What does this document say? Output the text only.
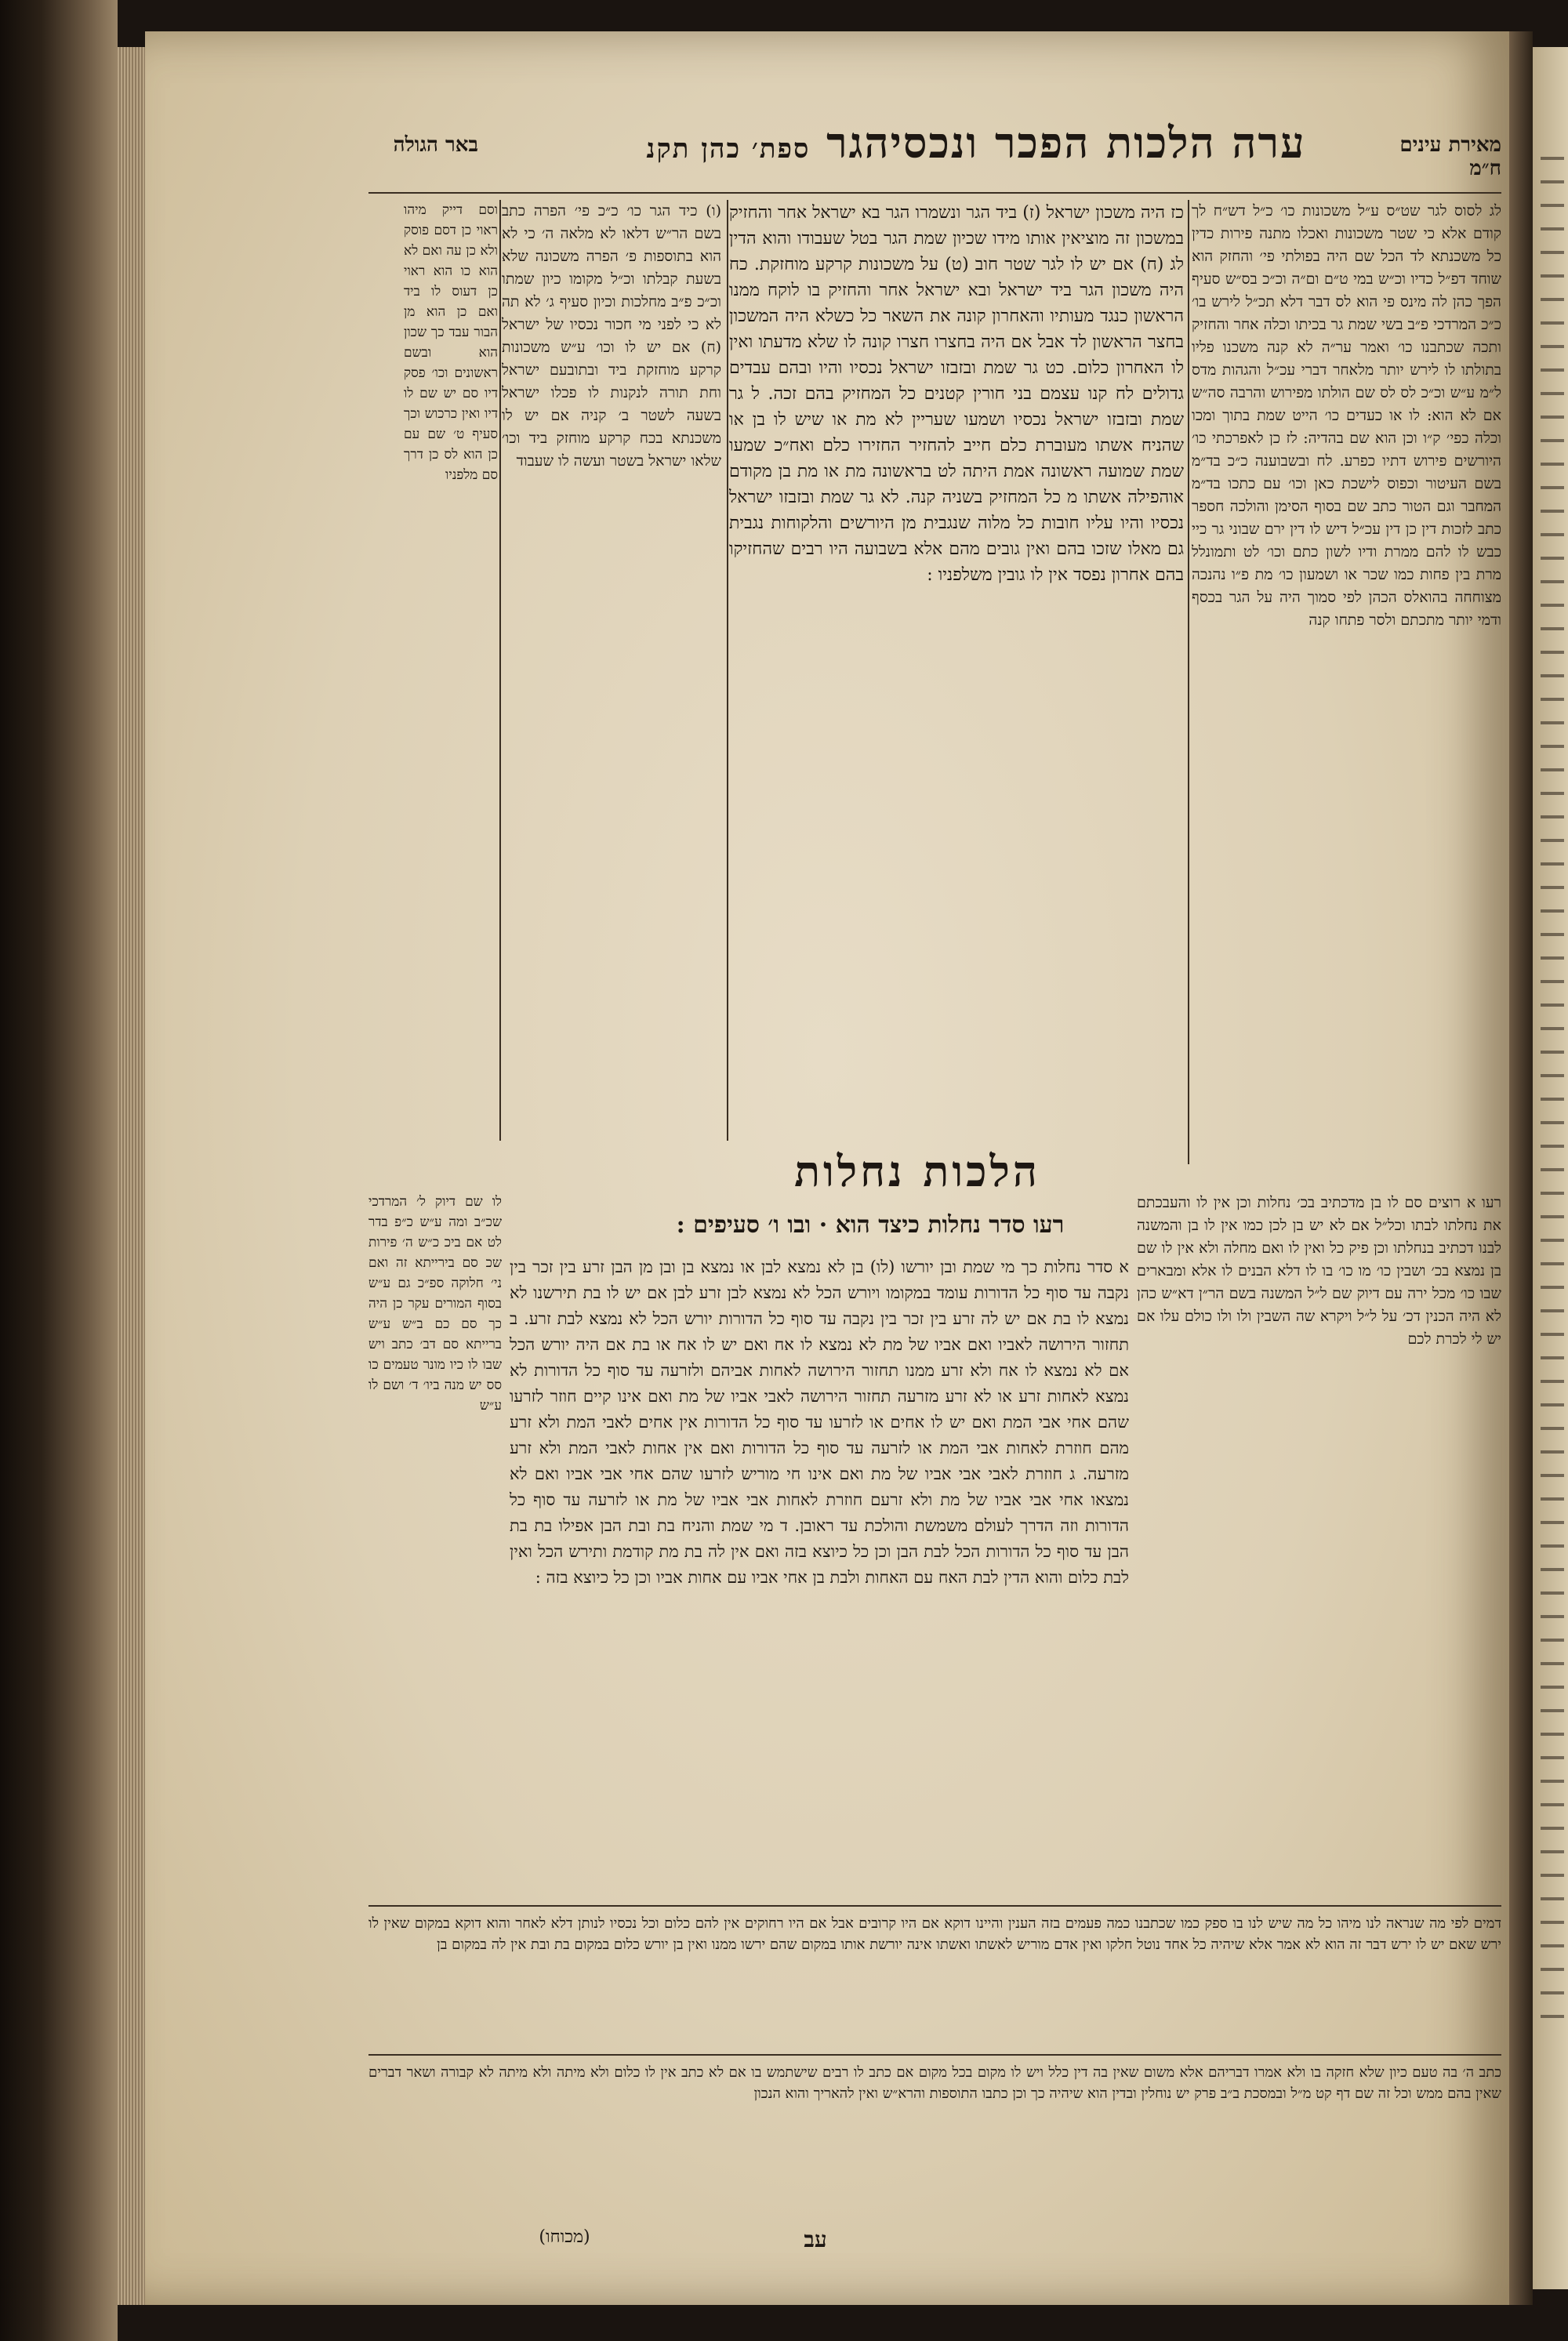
באר הגולה	ערה הלכות הפכר ונכסיהגר ספת׳ כהן תקנ	מאירת עינים ח״מ
לג לסוס לגר שט״ס ע״ל משכונות כו׳ כ״ל דש״ח לך קודם אלא כי שטר משכונות ואכלו מתנה פירות כדין כל משכנתא לד הכל שם היה בפולתי פי׳ והחזק הוא שוחד דפ״ל כדיו וכ״ש במי ט״ם ום״ה וכ״כ בס״ש סעיף הפך כהן לה מינס פי הוא לס דבר דלא תכ״ל לירש בו׳ כ״כ המרדכי פ״ב בשי שמת גר בכיתו וכלה אחר והחזיק ותכה שכתבנו כו׳ ואמר ער״ה לא קנה משכנו פליו בתולתו לו לירש יותר מלאחר דברי עכ״ל והגהות מדס ל״מ ע״ש וכ״כ לס לס שם הולתו מפירוש והרבה סה״ש אם לא הוא: לו או כעדים כו׳ הייט שמת בתוך ומכו וכלה כפי׳ ק״ו וכן הוא שם בהדיה: לז כן לאפרכתי כו׳ היורשים פירוש דתיו כפרע. לח ובשבוענה כ״כ בד״מ בשם העיטור וכפוס לישכת כאן וכו׳ עם כתכו בד״מ המחבר וגם הטור כתב שם בסוף הסימן והולכה חספר כתב לזכות דין כן דין עכ״ל דיש לו דין ירם שבוני גר כיי כבש לו להם ממרת ודיו לשון כתם וכו׳ לט ותמונלל מרת בין פחות כמו שכר או ושמעון כו׳ מת פ״ו נהנכה מצוחחה בהואלס הכהן לפי סמוך היה על הגר בכסף ודמי יותר מתכתם ולסר פתחו קנה
כז היה משכון ישראל (ז) ביד הגר ונשמרו הגר בא ישראל אחר והחזיק במשכון זה מוציאין אותו מידו שכיון שמת הגר בטל שעבודו והוא הדין לג (ח) אם יש לו לגר שטר חוב (ט) על משכונות קרקע מוחזקת. כח היה משכון הגר ביד ישראל ובא ישראל אחר והחזיק בו לוקח ממנו הראשון כנגד מעותיו והאחרון קונה את השאר כל כשלא היה המשכון בחצר הראשון לד אבל אם היה בחצרו חצרו קונה לו שלא מדעתו ואין לו האחרון כלום. כט גר שמת ובזבזו ישראל נכסיו והיו ובהם עבדים גדולים לח קנו עצמם בני חורין קטנים כל המחזיק בהם זכה. ל גר שמת ובזבזו ישראל נכסיו ושמעו שעריין לא מת או שיש לו בן או שהניח אשתו מעוברת כלם חייב להחזיר החזירו כלם ואח״כ שמעו שמת שמועה ראשונה אמת היתה לט בראשונה מת או מת בן מקודם אוהפילה אשתו מ כל המחזיק בשניה קנה. לא גר שמת ובזבזו ישראל נכסיו והיו עליו חובות כל מלוה שנגבית מן היורשים והלקוחות נגבית גם מאלו שזכו בהם ואין גובים מהם אלא בשבועה היו רבים שהחזיקו בהם אחרון נפסד אין לו גובין משלפניו :
(ו) כיד הגר כו׳ כ״כ פי׳ הפרה כתב בשם הר״ש דלאו לא מלאה ה׳ כי לא הוא בתוספות פ׳ הפרה משכונה שלא בשעת קבלתו וכ״ל מקומו כיון שמתו וכ״כ פ״ב מחלכות וכיון סעיף ג׳ לא תה לא כי לפני מי חכור נכסיו של ישראל (ח) אם יש לו וכו׳ ע״ש משכונות קרקע מוחזקת ביד ובתובעם ישראל וחת תורה לנקנות לו פכלו ישראל בשעה לשטר ב׳ קניה אם יש לו משכנתא בכח קרקע מוחזק ביד וכו׳ שלאו ישראל בשטר ועשה לו שעבוד
וסם דייק מיהו ראוי כן דסם פוסק ולא כן עה ואם לא הוא כו הוא ראוי כן דעוס לו ביד ואם כן הוא מן הבור עבד כך שכון הוא ובשם ראשונים וכו׳ פסק דיו סם יש שם לו דיו ואין כרכוש וכך סעיף ט׳ שם עם כן הוא לס כן דרך סם מלפניו
הלכות נחלות
רעו סדר נחלות כיצד הוא · ובו ו׳ סעיפים :
רעו א רוצים סם לו בן מדכתיב בכ׳ נחלות וכן אין לו והעבכתם את נחלתו לבתו וכל״ל אם לא יש בן לכן כמו אין לו בן והמשנה לבנו דכתיב בנחלתו וכן פיק כל ואין לו ואם מחלה ולא אין לו שם בן נמצא בכ׳ ושבין כו׳ מו כו׳ בו לו דלא הבנים לו אלא ומבארים שבו כו׳ מכל ירה עם דיוק שם ל״ל המשנה בשם הר״ן דא״ש כהן לא היה הכנין דכ׳ על ל״ל ויקרא שה השבין ולו ולו כולם עלו אם יש לי לכרת לכם
א סדר נחלות כך מי שמת ובן יורשו (לו) בן לא נמצא לבן או נמצא בן ובן מן הבן זרע בין זכר בין נקבה עד סוף כל הדורות עומד במקומו ויורש הכל לא נמצא לבן זרע לבן אם יש לו בת תירשנו לא נמצא לו בת אם יש לה זרע בין זכר בין נקבה עד סוף כל הדורות יורש הכל לא נמצא לבת זרע. ב תחזור הירושה לאביו ואם אביו של מת לא נמצא לו אח ואם יש לו אח או בת אם היה יורש הכל אם לא נמצא לו אח ולא זרע ממנו תחזור הירושה לאחות אביהם ולזרעה עד סוף כל הדורות לא נמצא לאחות זרע או לא זרע מזרעה תחזור הירושה לאבי אביו של מת ואם אינו קיים חוזר לזרעו שהם אחי אבי המת ואם יש לו אחים או לזרעו עד סוף כל הדורות אין אחים לאבי המת ולא זרע מהם חוזרת לאחות אבי המת או לזרעה עד סוף כל הדורות ואם אין אחות לאבי המת ולא זרע מזרעה. ג חוזרת לאבי אבי אביו של מת ואם אינו חי מוריש לזרעו שהם אחי אבי אביו ואם לא נמצאו אחי אבי אביו של מת ולא זרעם חוזרת לאחות אבי אביו של מת או לזרעה עד סוף כל הדורות וזה הדרך לעולם משמשת והולכת עד ראובן. ד מי שמת והניח בת ובת הבן אפילו בת בת הבן עד סוף כל הדורות הכל לבת הבן וכן כל כיוצא בזה ואם אין לה בת מת קודמת ותירש הכל ואין לבת כלום והוא הדין לבת האח עם האחות ולבת בן אחי אביו עם אחות אביו וכן כל כיוצא בזה :
לו שם דיוק ל׳ המרדכי שכ״ב ומה ע״ש כ״פ בדר לט אם ביכ כ״ש ה׳ פירות שכ סם בירייתא זה ואם ני׳ חלוקה ספ״כ גם ע״ש בסוף המורים עקר כן היה כך סם כם ב״ש ע״ש ברייתא סם דב׳ כתב ויש שבו לו כיו מונר טעמים כו סס יש מנה ביו׳ ד׳ ושם לו ע״ש
דמים לפי מה שנראה לנו מיהו כל מה שיש לנו בו ספק כמו שכתבנו כמה פעמים בזה הענין והיינו דוקא אם היו קרובים אבל אם היו רחוקים אין להם כלום וכל נכסיו לנותן דלא לאחר והוא דוקא במקום שאין לו ירש שאם יש לו ירש דבר זה הוא לא אמר אלא שיהיה כל אחד נוטל חלקו ואין אדם מוריש לאשתו ואשתו אינה יורשת אותו במקום שהם ירשו ממנו ואין בן יורש כלום במקום בת ובת אין לה במקום בן
כתב ה׳ בה טעם כיון שלא חזקה בו ולא אמרו דבריהם אלא משום שאין בה דין כלל ויש לו מקום בכל מקום אם כתב לו רבים שישתמש בו אם לא כתב אין לו כלום ולא מיתה ולא מיתה לא קבורה ושאר דברים שאין בהם ממש וכל זה שם דף קט מ״ל ובמסכת ב״ב פרק יש נוחלין ובדין הוא שיהיה כך וכן כתבו התוספות והרא״ש ואין להאריך והוא הנכון
(מכוחו)	עב
